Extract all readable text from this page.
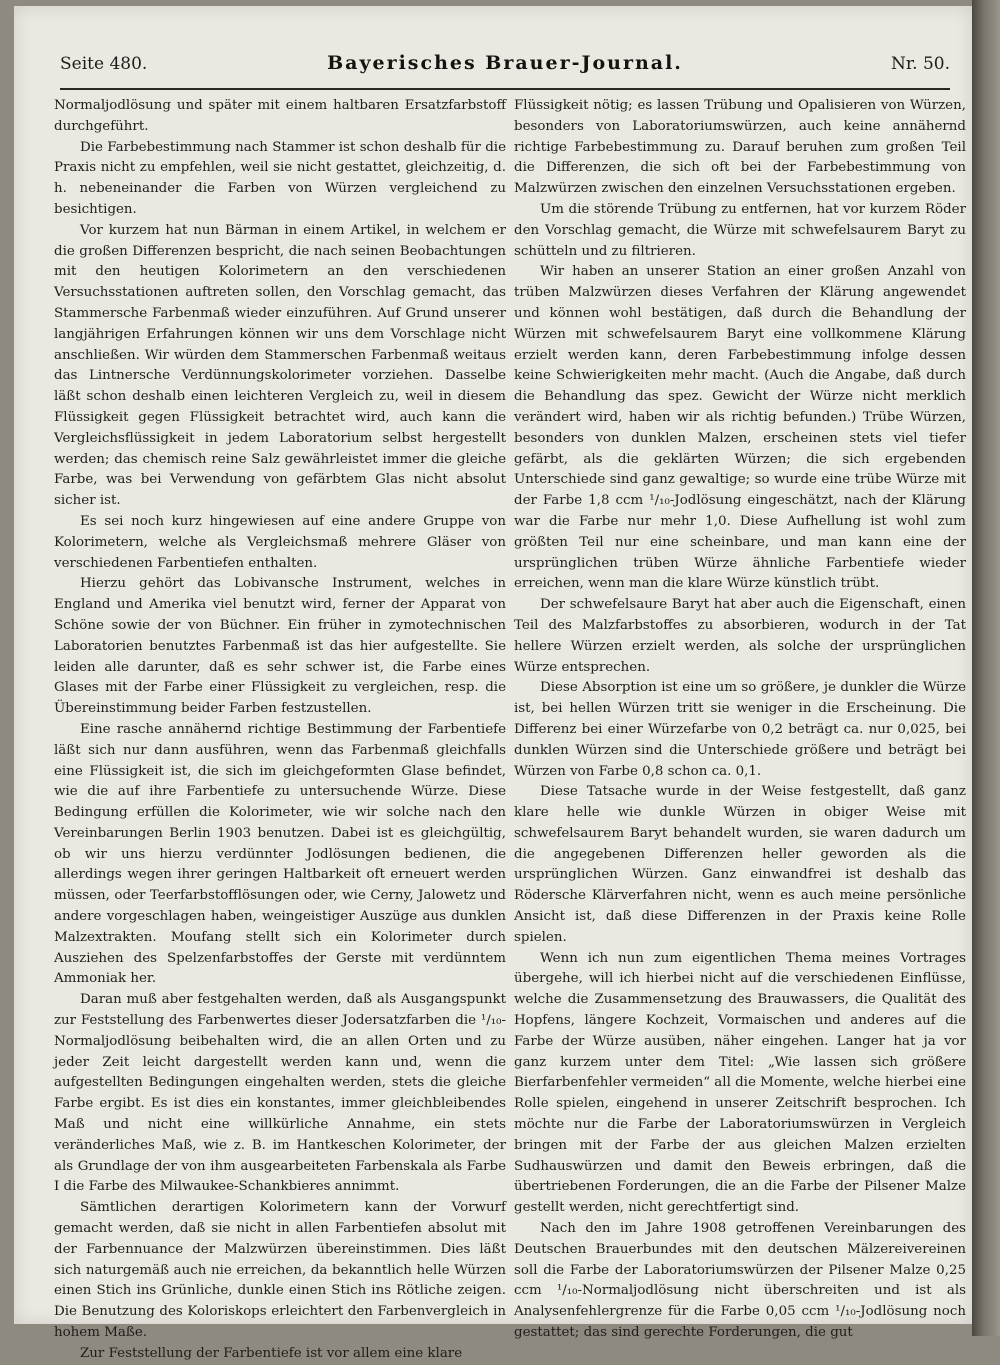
Seite 480.	Bayerisches Brauer-Journal.	Nr. 50.

Normaljodlösung und später mit einem haltbaren Ersatzfarbstoff durchgeführt.

Die Farbebestimmung nach Stammer ist schon deshalb für die Praxis nicht zu empfehlen, weil sie nicht gestattet, gleichzeitig, d. h. nebeneinander die Farben von Würzen vergleichend zu besichtigen.

Vor kurzem hat nun Bärman in einem Artikel, in welchem er die großen Differenzen bespricht, die nach seinen Beobachtungen mit den heutigen Kolorimetern an den verschiedenen Versuchsstationen auftreten sollen, den Vorschlag gemacht, das Stammersche Farbenmaß wieder einzuführen. Auf Grund unserer langjährigen Erfahrungen können wir uns dem Vorschlage nicht anschließen. Wir würden dem Stammerschen Farbenmaß weitaus das Lintnersche Verdünnungskolorimeter vorziehen. Dasselbe läßt schon deshalb einen leichteren Vergleich zu, weil in diesem Flüssigkeit gegen Flüssigkeit betrachtet wird, auch kann die Vergleichsflüssigkeit in jedem Laboratorium selbst hergestellt werden; das chemisch reine Salz gewährleistet immer die gleiche Farbe, was bei Verwendung von gefärbtem Glas nicht absolut sicher ist.

Es sei noch kurz hingewiesen auf eine andere Gruppe von Kolorimetern, welche als Vergleichsmaß mehrere Gläser von verschiedenen Farbentiefen enthalten.

Hierzu gehört das Lobivansche Instrument, welches in England und Amerika viel benutzt wird, ferner der Apparat von Schöne sowie der von Büchner. Ein früher in zymotechnischen Laboratorien benutztes Farbenmaß ist das hier aufgestellte. Sie leiden alle darunter, daß es sehr schwer ist, die Farbe eines Glases mit der Farbe einer Flüssigkeit zu vergleichen, resp. die Übereinstimmung beider Farben festzustellen.

Eine rasche annähernd richtige Bestimmung der Farbentiefe läßt sich nur dann ausführen, wenn das Farbenmaß gleichfalls eine Flüssigkeit ist, die sich im gleichgeformten Glase befindet, wie die auf ihre Farbentiefe zu untersuchende Würze. Diese Bedingung erfüllen die Kolorimeter, wie wir solche nach den Vereinbarungen Berlin 1903 benutzen. Dabei ist es gleichgültig, ob wir uns hierzu verdünnter Jodlösungen bedienen, die allerdings wegen ihrer geringen Haltbarkeit oft erneuert werden müssen, oder Teerfarbstofflösungen oder, wie Cerny, Jalowetz und andere vorgeschlagen haben, weingeistiger Auszüge aus dunklen Malzextrakten. Moufang stellt sich ein Kolorimeter durch Ausziehen des Spelzenfarbstoffes der Gerste mit verdünntem Ammoniak her.

Daran muß aber festgehalten werden, daß als Ausgangspunkt zur Feststellung des Farbenwertes dieser Jodersatzfarben die ¹/₁₀-Normaljodlösung beibehalten wird, die an allen Orten und zu jeder Zeit leicht dargestellt werden kann und, wenn die aufgestellten Bedingungen eingehalten werden, stets die gleiche Farbe ergibt. Es ist dies ein konstantes, immer gleichbleibendes Maß und nicht eine willkürliche Annahme, ein stets veränderliches Maß, wie z. B. im Hantkeschen Kolorimeter, der als Grundlage der von ihm ausgearbeiteten Farbenskala als Farbe I die Farbe des Milwaukee-Schankbieres annimmt.

Sämtlichen derartigen Kolorimetern kann der Vorwurf gemacht werden, daß sie nicht in allen Farbentiefen absolut mit der Farbennuance der Malzwürzen übereinstimmen. Dies läßt sich naturgemäß auch nie erreichen, da bekanntlich helle Würzen einen Stich ins Grünliche, dunkle einen Stich ins Rötliche zeigen. Die Benutzung des Koloriskops erleichtert den Farbenvergleich in hohem Maße.

Zur Feststellung der Farbentiefe ist vor allem eine klare

Flüssigkeit nötig; es lassen Trübung und Opalisieren von Würzen, besonders von Laboratoriumswürzen, auch keine annähernd richtige Farbebestimmung zu. Darauf beruhen zum großen Teil die Differenzen, die sich oft bei der Farbebestimmung von Malzwürzen zwischen den einzelnen Versuchsstationen ergeben.

Um die störende Trübung zu entfernen, hat vor kurzem Röder den Vorschlag gemacht, die Würze mit schwefelsaurem Baryt zu schütteln und zu filtrieren.

Wir haben an unserer Station an einer großen Anzahl von trüben Malzwürzen dieses Verfahren der Klärung angewendet und können wohl bestätigen, daß durch die Behandlung der Würzen mit schwefelsaurem Baryt eine vollkommene Klärung erzielt werden kann, deren Farbebestimmung infolge dessen keine Schwierigkeiten mehr macht. (Auch die Angabe, daß durch die Behandlung das spez. Gewicht der Würze nicht merklich verändert wird, haben wir als richtig befunden.) Trübe Würzen, besonders von dunklen Malzen, erscheinen stets viel tiefer gefärbt, als die geklärten Würzen; die sich ergebenden Unterschiede sind ganz gewaltige; so wurde eine trübe Würze mit der Farbe 1,8 ccm ¹/₁₀-Jodlösung eingeschätzt, nach der Klärung war die Farbe nur mehr 1,0. Diese Aufhellung ist wohl zum größten Teil nur eine scheinbare, und man kann eine der ursprünglichen trüben Würze ähnliche Farbentiefe wieder erreichen, wenn man die klare Würze künstlich trübt.

Der schwefelsaure Baryt hat aber auch die Eigenschaft, einen Teil des Malzfarbstoffes zu absorbieren, wodurch in der Tat hellere Würzen erzielt werden, als solche der ursprünglichen Würze entsprechen.

Diese Absorption ist eine um so größere, je dunkler die Würze ist, bei hellen Würzen tritt sie weniger in die Erscheinung. Die Differenz bei einer Würzefarbe von 0,2 beträgt ca. nur 0,025, bei dunklen Würzen sind die Unterschiede größere und beträgt bei Würzen von Farbe 0,8 schon ca. 0,1.

Diese Tatsache wurde in der Weise festgestellt, daß ganz klare helle wie dunkle Würzen in obiger Weise mit schwefelsaurem Baryt behandelt wurden, sie waren dadurch um die angegebenen Differenzen heller geworden als die ursprünglichen Würzen. Ganz einwandfrei ist deshalb das Rödersche Klärverfahren nicht, wenn es auch meine persönliche Ansicht ist, daß diese Differenzen in der Praxis keine Rolle spielen.

Wenn ich nun zum eigentlichen Thema meines Vortrages übergehe, will ich hierbei nicht auf die verschiedenen Einflüsse, welche die Zusammensetzung des Brauwassers, die Qualität des Hopfens, längere Kochzeit, Vormaischen und anderes auf die Farbe der Würze ausüben, näher eingehen. Langer hat ja vor ganz kurzem unter dem Titel: „Wie lassen sich größere Bierfarbenfehler vermeiden“ all die Momente, welche hierbei eine Rolle spielen, eingehend in unserer Zeitschrift besprochen. Ich möchte nur die Farbe der Laboratoriumswürzen in Vergleich bringen mit der Farbe der aus gleichen Malzen erzielten Sudhauswürzen und damit den Beweis erbringen, daß die übertriebenen Forderungen, die an die Farbe der Pilsener Malze gestellt werden, nicht gerechtfertigt sind.

Nach den im Jahre 1908 getroffenen Vereinbarungen des Deutschen Brauerbundes mit den deutschen Mälzereivereinen soll die Farbe der Laboratoriumswürzen der Pilsener Malze 0,25 ccm ¹/₁₀-Normaljodlösung nicht überschreiten und ist als Analysenfehlergrenze für die Farbe 0,05 ccm ¹/₁₀-Jodlösung noch gestattet; das sind gerechte Forderungen, die gut
